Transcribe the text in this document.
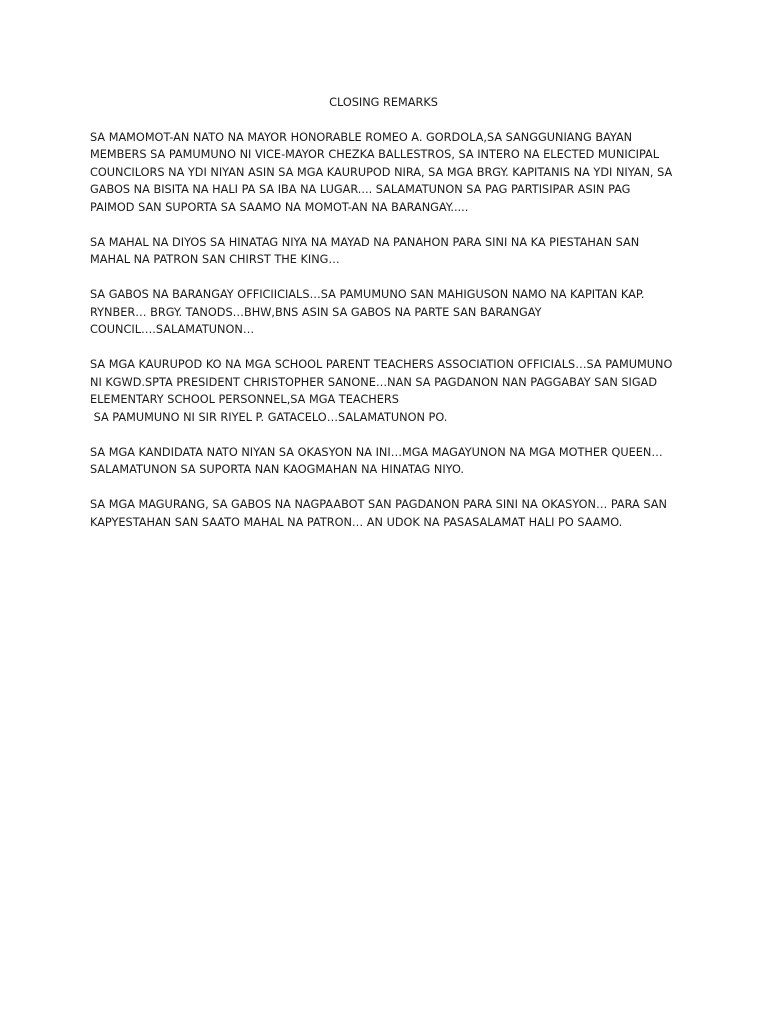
CLOSING REMARKS
SA MAMOMOT-AN NATO NA MAYOR HONORABLE ROMEO A. GORDOLA,SA SANGGUNIANG BAYAN MEMBERS SA PAMUMUNO NI VICE-MAYOR CHEZKA BALLESTROS, SA INTERO NA ELECTED MUNICIPAL COUNCILORS NA YDI NIYAN ASIN SA MGA KAURUPOD NIRA, SA MGA BRGY. KAPITANIS NA YDI NIYAN, SA GABOS NA BISITA NA HALI PA SA IBA NA LUGAR.... SALAMATUNON SA PAG PARTISIPAR ASIN PAG PAIMOD SAN SUPORTA SA SAAMO NA MOMOT-AN NA BARANGAY.....
SA MAHAL NA DIYOS SA HINATAG NIYA NA MAYAD NA PANAHON PARA SINI NA KA PIESTAHAN SAN MAHAL NA PATRON SAN CHIRST THE KING…
SA GABOS NA BARANGAY OFFICIICIALS…SA PAMUMUNO SAN MAHIGUSON NAMO NA KAPITAN KAP. RYNBER… BRGY. TANODS…BHW,BNS ASIN SA GABOS NA PARTE SAN BARANGAY COUNCIL….SALAMATUNON…
SA MGA KAURUPOD KO NA MGA SCHOOL PARENT TEACHERS ASSOCIATION OFFICIALS…SA PAMUMUNO NI KGWD.SPTA PRESIDENT CHRISTOPHER SANONE…NAN SA PAGDANON NAN PAGGABAY SAN SIGAD ELEMENTARY SCHOOL PERSONNEL,SA MGA TEACHERS
SA PAMUMUNO NI SIR RIYEL P. GATACELO…SALAMATUNON PO.
SA MGA KANDIDATA NATO NIYAN SA OKASYON NA INI…MGA MAGAYUNON NA MGA MOTHER QUEEN… SALAMATUNON SA SUPORTA NAN KAOGMAHAN NA HINATAG NIYO.
SA MGA MAGURANG, SA GABOS NA NAGPAABOT SAN PAGDANON PARA SINI NA OKASYON… PARA SAN KAPYESTAHAN SAN SAATO MAHAL NA PATRON… AN UDOK NA PASASALAMAT HALI PO SAAMO.
